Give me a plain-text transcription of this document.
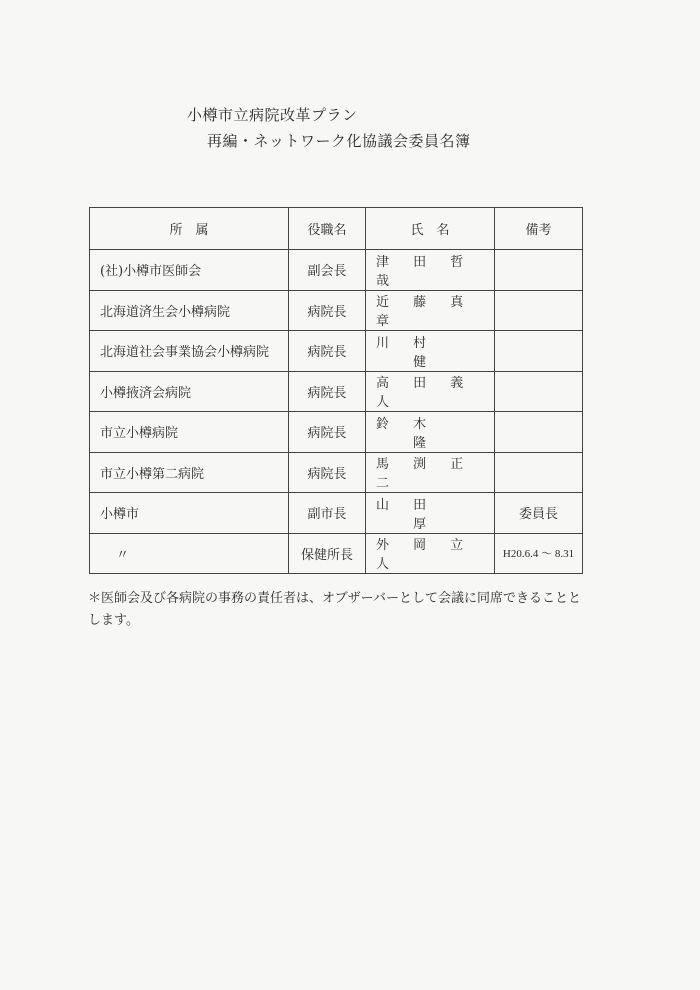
小樽市立病院改革プラン
再編・ネットワーク化協議会委員名簿
所　属	役職名	氏　名	備考
(社)小樽市医師会	副会長	津 田 哲 哉	
北海道済生会小樽病院	病院長	近 藤 真 章	
北海道社会事業協会小樽病院	病院長	川 村 　 健	
小樽掖済会病院	病院長	高 田 義 人	
市立小樽病院	病院長	鈴 木 　 隆	
市立小樽第二病院	病院長	馬 渕 正 二	
小樽市	副市長	山 田 　 厚	委員長
〃	保健所長	外 岡 立 人	H20.6.4 ～ 8.31
＊医師会及び各病院の事務の責任者は、オブザーバーとして会議に同席できることとします。
